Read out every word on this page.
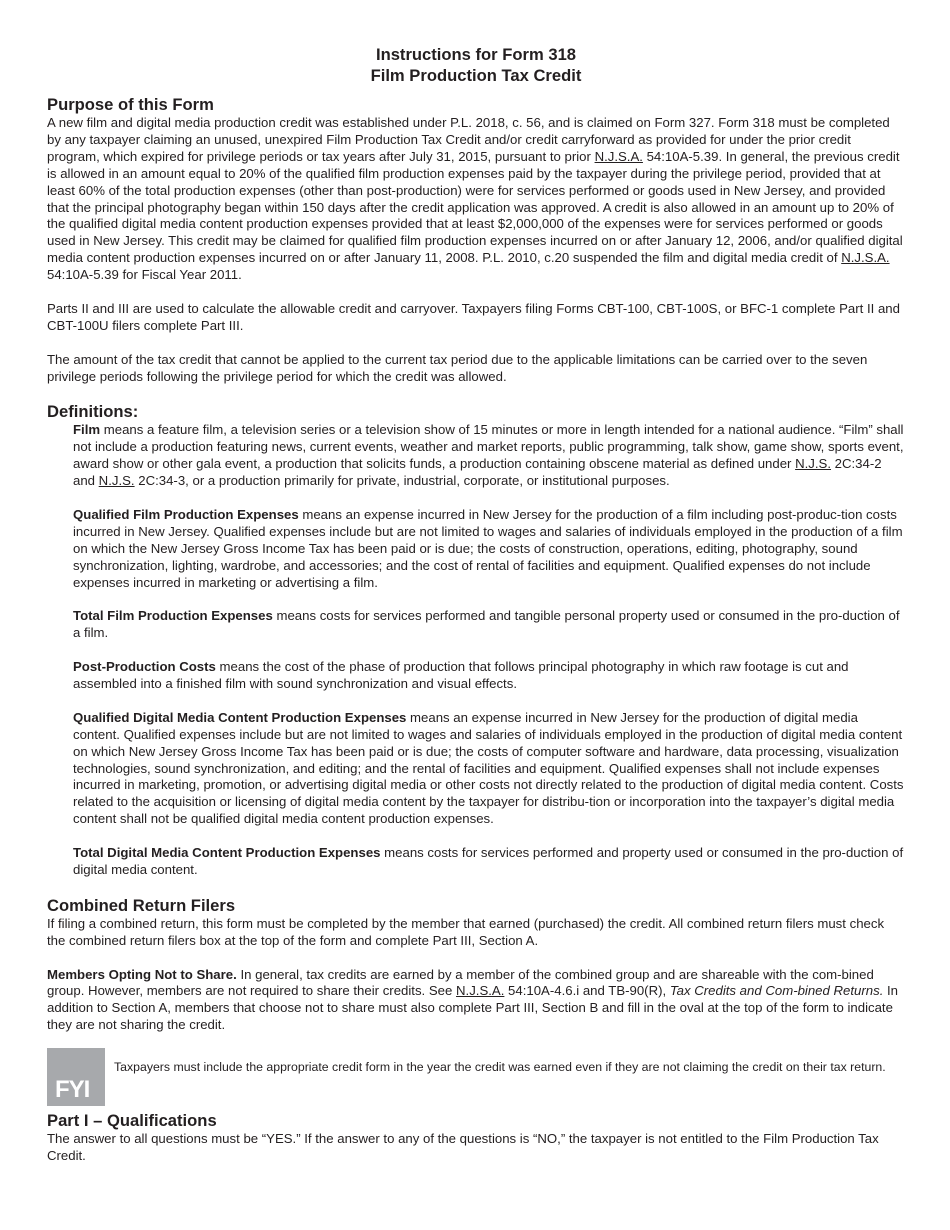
Instructions for Form 318

Film Production Tax Credit

Purpose of this Form

A new film and digital media production credit was established under P.L. 2018, c. 56, and is claimed on Form 327. Form 318 must be completed by any taxpayer claiming an unused, unexpired Film Production Tax Credit and/or credit carryforward as provided for under the prior credit program, which expired for privilege periods or tax years after July 31, 2015, pursuant to prior N.J.S.A. 54:10A-5.39. In general, the previous credit is allowed in an amount equal to 20% of the qualified film production expenses paid by the taxpayer during the privilege period, provided that at least 60% of the total production expenses (other than post-production) were for services performed or goods used in New Jersey, and provided that the principal photography began within 150 days after the credit application was approved. A credit is also allowed in an amount up to 20% of the qualified digital media content production expenses provided that at least $2,000,000 of the expenses were for services performed or goods used in New Jersey. This credit may be claimed for qualified film production expenses incurred on or after January 12, 2006, and/or qualified digital media content production expenses incurred on or after January 11, 2008. P.L. 2010, c.20 suspended the film and digital media credit of N.J.S.A. 54:10A-5.39 for Fiscal Year 2011.

Parts II and III are used to calculate the allowable credit and carryover. Taxpayers filing Forms CBT-100, CBT-100S, or BFC-1 complete Part II and CBT-100U filers complete Part III.

The amount of the tax credit that cannot be applied to the current tax period due to the applicable limitations can be carried over to the seven privilege periods following the privilege period for which the credit was allowed.

Definitions:

Film means a feature film, a television series or a television show of 15 minutes or more in length intended for a national audience. “Film” shall not include a production featuring news, current events, weather and market reports, public programming, talk show, game show, sports event, award show or other gala event, a production that solicits funds, a production containing obscene material as defined under N.J.S. 2C:34-2 and N.J.S. 2C:34-3, or a production primarily for private, industrial, corporate, or institutional purposes.

Qualified Film Production Expenses means an expense incurred in New Jersey for the production of a film including post-produc-tion costs incurred in New Jersey. Qualified expenses include but are not limited to wages and salaries of individuals employed in the production of a film on which the New Jersey Gross Income Tax has been paid or is due; the costs of construction, operations, editing, photography, sound synchronization, lighting, wardrobe, and accessories; and the cost of rental of facilities and equipment. Qualified expenses do not include expenses incurred in marketing or advertising a film.

Total Film Production Expenses means costs for services performed and tangible personal property used or consumed in the pro-duction of a film.

Post-Production Costs means the cost of the phase of production that follows principal photography in which raw footage is cut and assembled into a finished film with sound synchronization and visual effects.

Qualified Digital Media Content Production Expenses means an expense incurred in New Jersey for the production of digital media content. Qualified expenses include but are not limited to wages and salaries of individuals employed in the production of digital media content on which New Jersey Gross Income Tax has been paid or is due; the costs of computer software and hardware, data processing, visualization technologies, sound synchronization, and editing; and the rental of facilities and equipment. Qualified expenses shall not include expenses incurred in marketing, promotion, or advertising digital media or other costs not directly related to the production of digital media content. Costs related to the acquisition or licensing of digital media content by the taxpayer for distribu-tion or incorporation into the taxpayer’s digital media content shall not be qualified digital media content production expenses.

Total Digital Media Content Production Expenses means costs for services performed and property used or consumed in the pro-duction of digital media content.

Combined Return Filers

If filing a combined return, this form must be completed by the member that earned (purchased) the credit. All combined return filers must check the combined return filers box at the top of the form and complete Part III, Section A.

Members Opting Not to Share. In general, tax credits are earned by a member of the combined group and are shareable with the com-bined group. However, members are not required to share their credits. See N.J.S.A. 54:10A-4.6.i and TB-90(R), Tax Credits and Com-bined Returns. In addition to Section A, members that choose not to share must also complete Part III, Section B and fill in the oval at the top of the form to indicate they are not sharing the credit.

FYI

Taxpayers must include the appropriate credit form in the year the credit was earned even if they are not claiming the credit on their tax return.

Part I – Qualifications

The answer to all questions must be “YES.” If the answer to any of the questions is “NO,” the taxpayer is not entitled to the Film Production Tax Credit.
